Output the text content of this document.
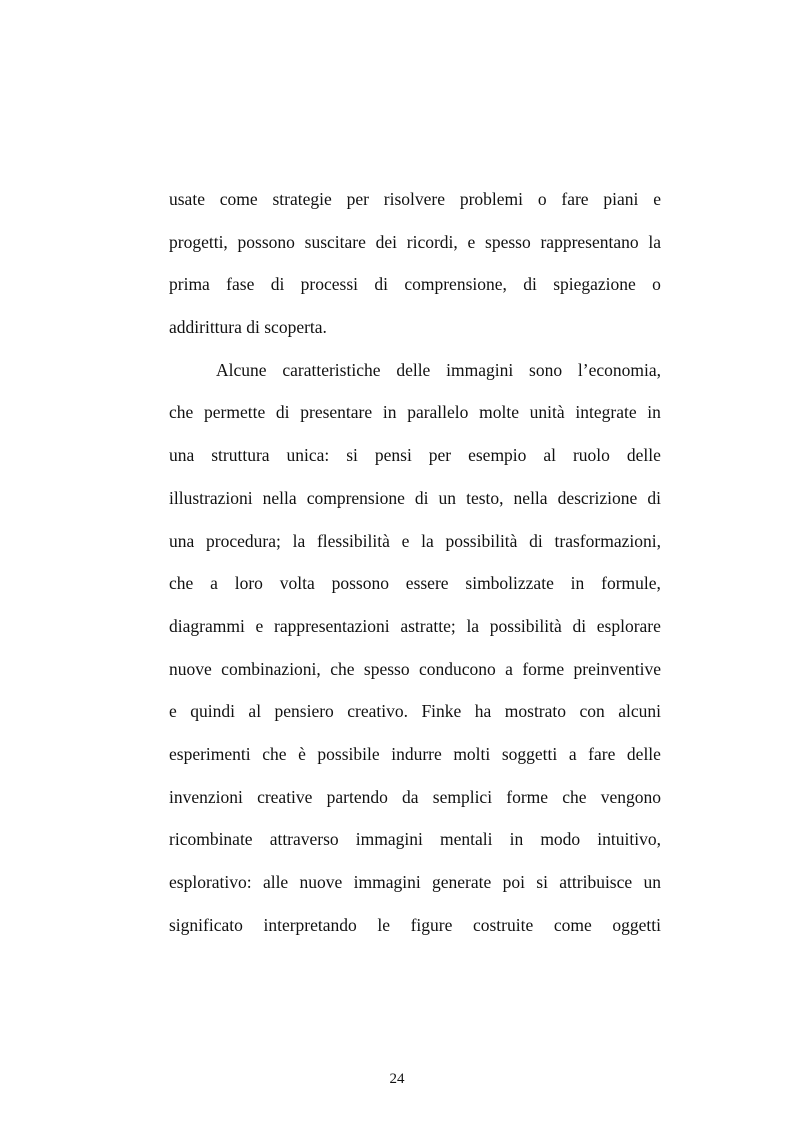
usate come strategie per risolvere problemi o fare piani e
progetti, possono suscitare dei ricordi, e spesso rappresentano la
prima fase di processi di comprensione, di spiegazione o
addirittura di scoperta.
Alcune caratteristiche delle immagini sono l’economia,
che permette di presentare in parallelo molte unità integrate in
una struttura unica: si pensi per esempio al ruolo delle
illustrazioni nella comprensione di un testo, nella descrizione di
una procedura; la flessibilità e la possibilità di trasformazioni,
che a loro volta possono essere simbolizzate in formule,
diagrammi e rappresentazioni astratte; la possibilità di esplorare
nuove combinazioni, che spesso conducono a forme preinventive
e quindi al pensiero creativo. Finke ha mostrato con alcuni
esperimenti che è possibile indurre molti soggetti a fare delle
invenzioni creative partendo da semplici forme che vengono
ricombinate attraverso immagini mentali in modo intuitivo,
esplorativo: alle nuove immagini generate poi si attribuisce un
significato interpretando le figure costruite come oggetti
24
